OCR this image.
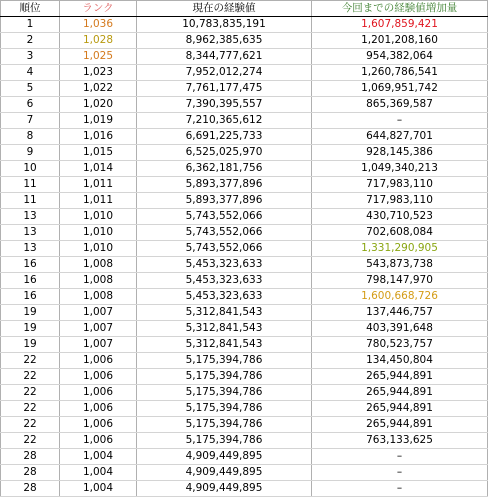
順位	ランク	現在の経験値	今回までの経験値増加量
1	1,036	10,783,835,191	1,607,859,421
2	1,028	8,962,385,635	1,201,208,160
3	1,025	8,344,777,621	954,382,064
4	1,023	7,952,012,274	1,260,786,541
5	1,022	7,761,177,475	1,069,951,742
6	1,020	7,390,395,557	865,369,587
7	1,019	7,210,365,612	–
8	1,016	6,691,225,733	644,827,701
9	1,015	6,525,025,970	928,145,386
10	1,014	6,362,181,756	1,049,340,213
11	1,011	5,893,377,896	717,983,110
11	1,011	5,893,377,896	717,983,110
13	1,010	5,743,552,066	430,710,523
13	1,010	5,743,552,066	702,608,084
13	1,010	5,743,552,066	1,331,290,905
16	1,008	5,453,323,633	543,873,738
16	1,008	5,453,323,633	798,147,970
16	1,008	5,453,323,633	1,600,668,726
19	1,007	5,312,841,543	137,446,757
19	1,007	5,312,841,543	403,391,648
19	1,007	5,312,841,543	780,523,757
22	1,006	5,175,394,786	134,450,804
22	1,006	5,175,394,786	265,944,891
22	1,006	5,175,394,786	265,944,891
22	1,006	5,175,394,786	265,944,891
22	1,006	5,175,394,786	265,944,891
22	1,006	5,175,394,786	763,133,625
28	1,004	4,909,449,895	–
28	1,004	4,909,449,895	–
28	1,004	4,909,449,895	–
